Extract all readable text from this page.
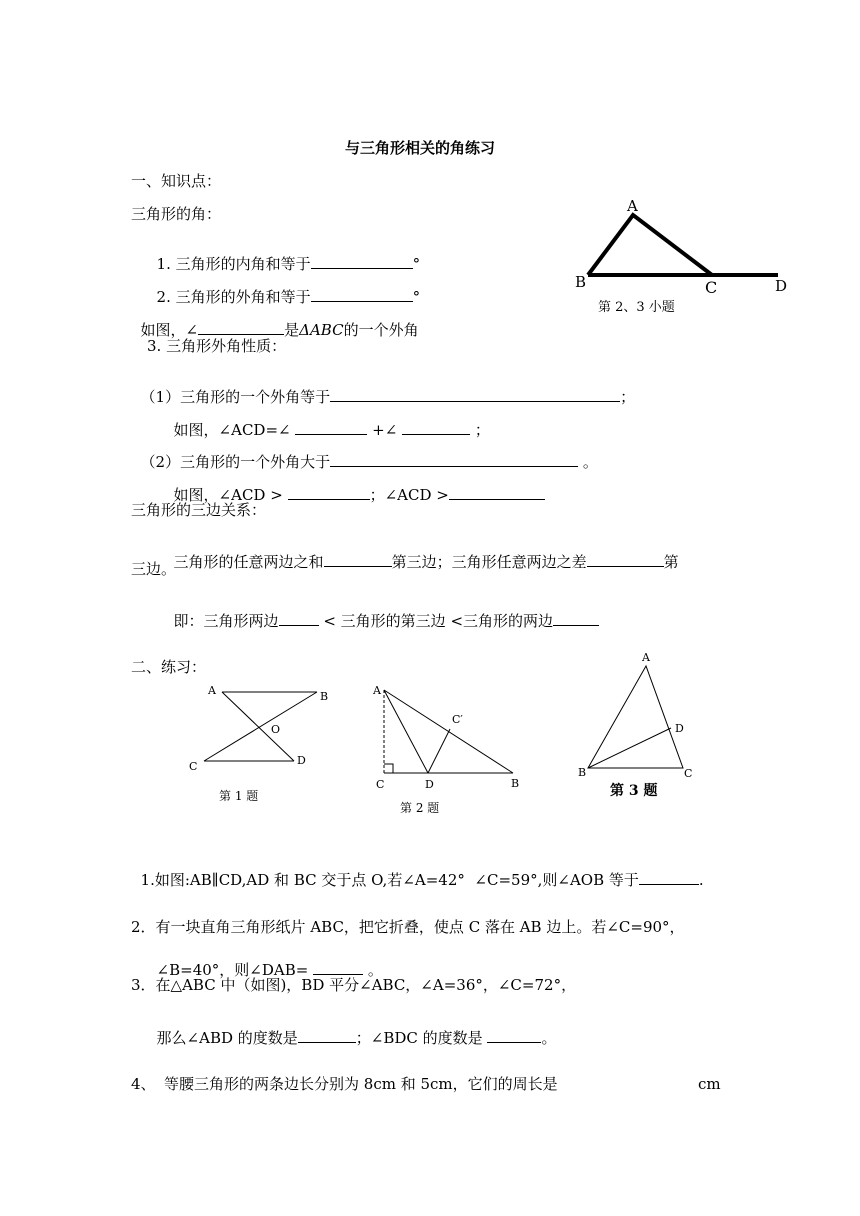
与三角形相关的角练习
一、知识点：
三角形的角：

1. 三角形的内角和等于	°

2. 三角形的外角和等于	°

如图，∠	是ΔABC的一个外角

3. 三角形外角性质：

（1）三角形的一个外角等于	；

如图，∠ACD=∠	+∠	；

（2）三角形的一个外角大于	。

如图，∠ACD >	；∠ACD >

三角形的三边关系：

三角形的任意两边之和	第三边；三角形任意两边之差	第

三边。

即：三角形两边	< 三角形的第三边 <三角形的两边

二、练习：
A
B	C	D
第 2、3 小题
A	B
O
C	D
第 1 题
A
C′
C	D	B
第 2 题
A
D
B	C
第 3 题

1.如图:AB∥CD,AD 和 BC 交于点 O,若∠A=42°  ∠C=59°,则∠AOB 等于	.

2．有一块直角三角形纸片 ABC，把它折叠，使点 C 落在 AB 边上。若∠C=90°，

∠B=40°，则∠DAB=	。

3．在△ABC 中（如图)，BD 平分∠ABC，∠A=36°，∠C=72°，

那么∠ABD 的度数是	；∠BDC 的度数是	。

4、 等腰三角形的两条边长分别为 8cm 和 5cm，它们的周长是	cm
